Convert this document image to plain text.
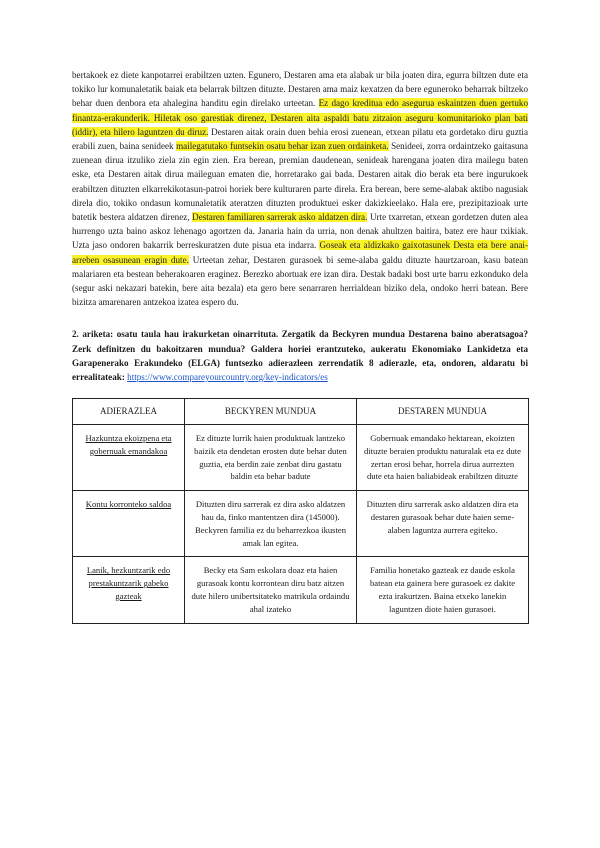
bertakoek ez diete kanpotarrei erabiltzen uzten. Egunero, Destaren ama eta alabak ur bila joaten dira, egurra biltzen dute eta tokiko lur komunaletatik baiak eta belarrak biltzen dituzte. Destaren ama maiz kexatzen da bere eguneroko beharrak biltzeko behar duen denbora eta ahalegina handitu egin direlako urteetan. Ez dago kreditua edo aseguruа eskaintzen duen gertuko finantza-erakunderik. Hiletak oso garestiak direnez, Destaren aita aspaldi batu zitzaion aseguru komunitarioko plan bati (iddir), eta hilero laguntzen du diruz. Destaren aitak orain duen behia erosi zuenean, etxean pilatu eta gordetako diru guztia erabili zuen, baina senideek mailegatutako funtsekin osatu behar izan zuen ordainketa. Senideei, zorra ordaintzeko gaitasuna zuenean diruа itzuliko ziela zin egin zien. Era berean, premian daudenean, senideak harengana joaten dira mailegu baten eske, eta Destaren aitak diruа maileguan ematen die, horretarako gai bada. Destaren aitak dio berak eta bere ingurukoek erabiltzen dituzten elkarrekikotasun-patroi horiek bere kulturaren parte direla. Era berean, bere seme-alabak aktibo nagusiak direla dio, tokiko ondasun komunaletatik ateratzen dituzten produktuei esker dakizkieelako. Hala ere, prezipitazioak urte batetik bestera aldatzen direnez, Destaren familiaren sarrerak asko aldatzen dira. Urte txarretan, etxean gordetzen duten alea hurrengo uzta baino askoz lehenago agortzen da. Janaria hain da urria, non denak ahultzen baitira, batez ere haur txikiak. Uzta jaso ondoren bakarrik berreskuratzen dute pisua eta indarra. Goseak eta aldizkako gaixotasunek Desta eta bere anai-arreben osasunean eragin dute. Urteetan zehar, Destaren gurasoek bi seme-alaba galdu dituzte haurtzaroan, kasu batean malariaren eta bestean beherakoaren eraginez. Berezko abortuak ere izan dira. Destak badaki bost urte barru ezkonduko dela (segur aski nekazari batekin, bere aita bezala) eta gero bere senarraren herrialdean biziko dela, ondoko herri batean. Bere bizitza amarenaren antzekoa izatea espero du.

2. ariketa: osatu taula hau irakurketan oinarrituta. Zergatik da Beckyren mundua Destarena baino aberatsagoa? Zerk definitzen du bakoitzaren mundua? Galdera horiei erantzuteko, aukeratu Ekonomiako Lankidetza eta Garapenerako Erakundeko (ELGA) funtsezko adierazleen zerrendatik 8 adierazle, eta, ondoren, aldaratu bi errealitateak: https://www.compareyourcountry.org/key-indicators/es
ADIERAZLEA	BECKYREN MUNDUA	DESTAREN MUNDUA
Hazkuntza ekoizpena eta gobernuak emandakoa	Ez dituzte lurrik haien produktuak lantzeko baizik eta dendetan erosten dute behar duten guztia, eta berdin zaie zenbat diru gastatu baldin eta behar badute	Gobernuak emandako hektarean, ekoizten dituzte beraien produktu naturalak eta ez dute zertan erosi behar, horrela dirua aurrezten dute eta haien baliabideak erabiltzen dituzte
Kontu korronteko saldoa	Dituzten diru sarrerak ez dira asko aldatzen hau da, finko mantentzen dira (145000). Beckyren familia ez du beharrezkoa ikusten amak lan egitea.	Dituzten diru sarrerak asko aldatzen dira eta destaren gurasoak behar dute haien seme-alaben laguntza aurrera egiteko.
Lanik, hezkuntzarik edo prestakuntzarik gabeko gazteak	Becky eta Sam eskolara doaz eta haien gurasoak kontu korrontean diru batz aitzen dute hilero unibertsitateko matrikula ordaindu ahal izateko	Familia honetako gazteak ez daude eskola batean eta gainera bere gurasoek ez dakite ezta irakurtzen. Baina etxeko lanekin laguntzen diote haien gurasoei.
